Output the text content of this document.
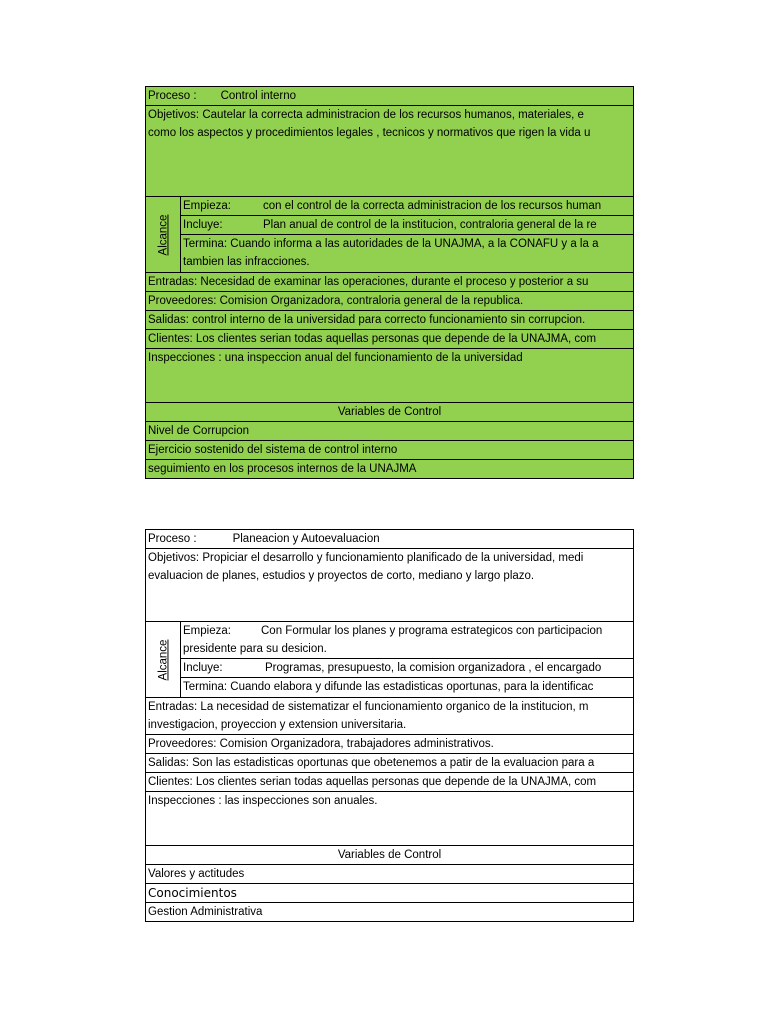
Proceso : Control interno
Objetivos: Cautelar la correcta administracion de los recursos humanos, materiales, e
como los aspectos y procedimientos legales , tecnicos y normativos que rigen la vida u
Alcance
Empieza:	con el control de la correcta administracion de los recursos human
Incluye:	Plan anual de control de la institucion, contraloria general de la re
Termina: Cuando informa a las autoridades de la UNAJMA, a la CONAFU y a la a
tambien las infracciones.
Entradas: Necesidad de examinar las operaciones, durante el proceso y posterior a su
Proveedores: Comision Organizadora, contraloria general de la republica.
Salidas: control interno de la universidad para correcto funcionamiento sin corrupcion.
Clientes: Los clientes serian todas aquellas personas que depende de la UNAJMA, com
Inspecciones : una inspeccion anual del funcionamiento de la universidad
Variables de Control
Nivel de Corrupcion
Ejercicio sostenido del sistema de control interno
seguimiento en los procesos internos de la UNAJMA
Proceso :	Planeacion y Autoevaluacion
Objetivos: Propiciar el desarrollo y funcionamiento planificado de la universidad, medi
evaluacion de planes, estudios y proyectos de corto, mediano y largo plazo.
Alcance
Empieza:	Con Formular los planes y programa estrategicos con participacion
presidente para su desicion.
Incluye:	Programas, presupuesto, la comision organizadora , el encargado
Termina: Cuando elabora y difunde las estadisticas oportunas, para la identificac
Entradas: La necesidad de sistematizar el funcionamiento organico de la institucion, m
investigacion, proyeccion y extension universitaria.
Proveedores: Comision Organizadora, trabajadores administrativos.
Salidas: Son las estadisticas oportunas que obetenemos a patir de la evaluacion para a
Clientes: Los clientes serian todas aquellas personas que depende de la UNAJMA, com
Inspecciones : las inspecciones son anuales.
Variables de Control
Valores y actitudes
Conocimientos
Gestion Administrativa
